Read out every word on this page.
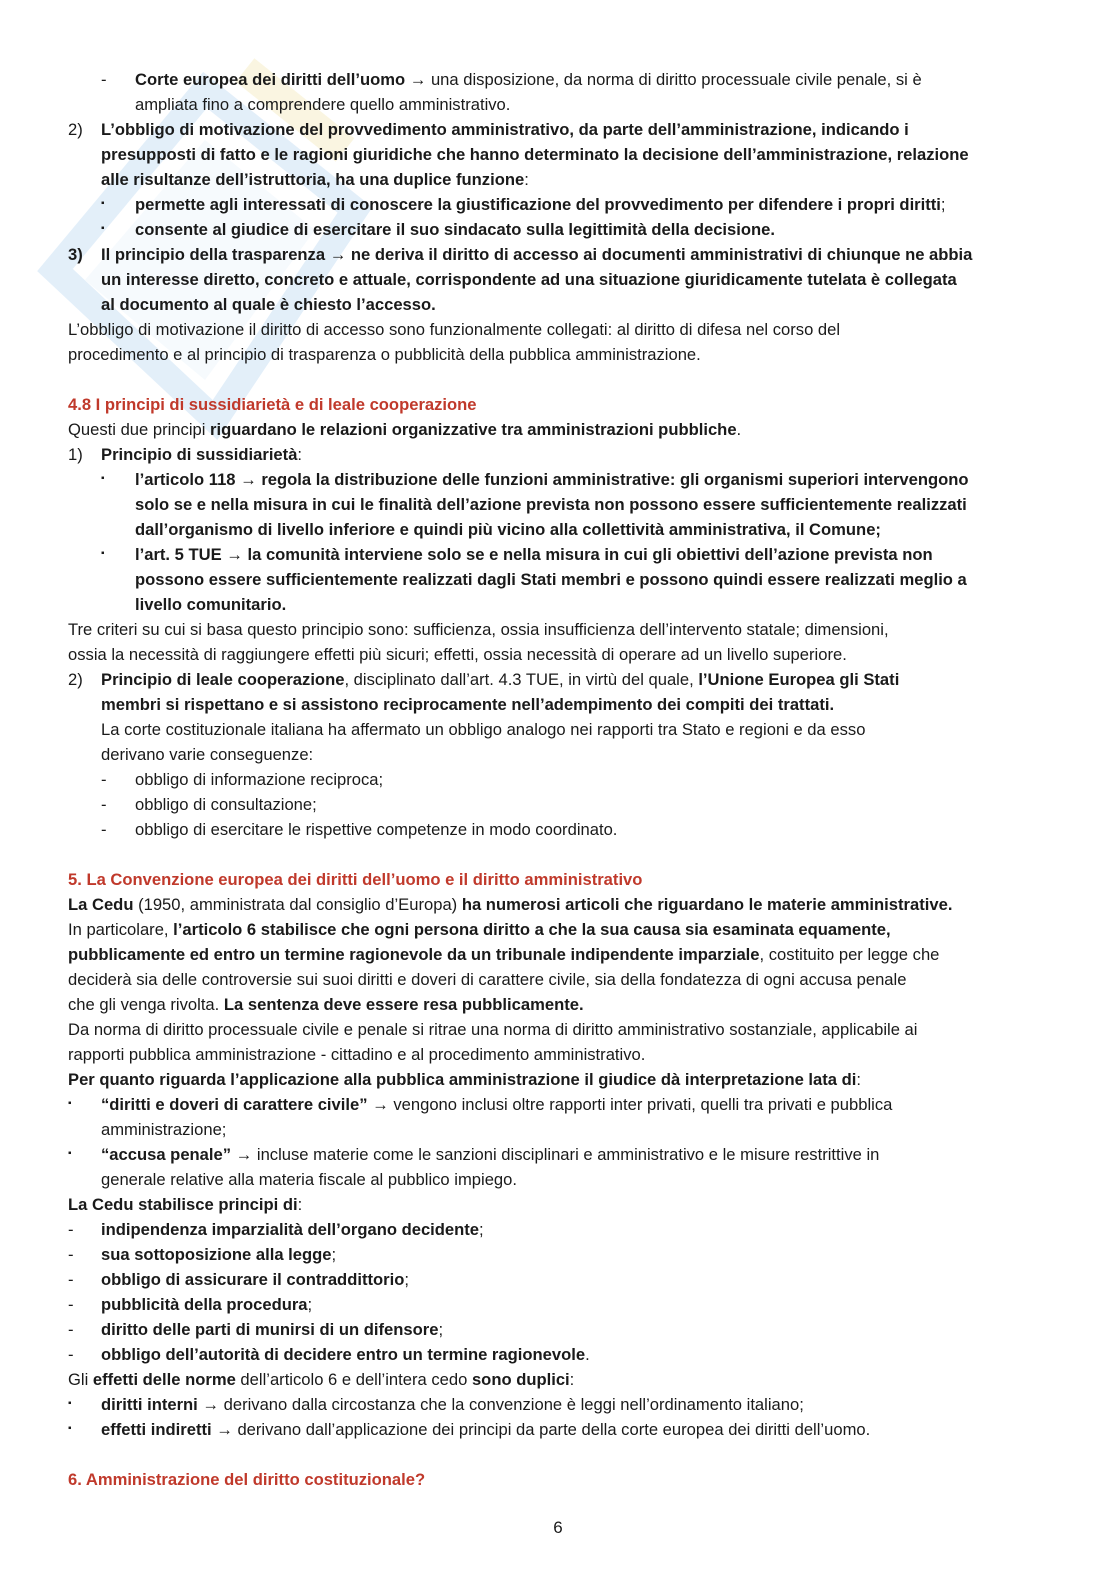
-	Corte europea dei diritti dell’uomo → una disposizione, da norma di diritto processuale civile penale, si è
ampliata fino a comprendere quello amministrativo.
2)	L’obbligo di motivazione del provvedimento amministrativo, da parte dell’amministrazione, indicando i
presupposti di fatto e le ragioni giuridiche che hanno determinato la decisione dell’amministrazione, relazione
alle risultanze dell’istruttoria, ha una duplice funzione:
▪	permette agli interessati di conoscere la giustificazione del provvedimento per difendere i propri diritti;
▪	consente al giudice di esercitare il suo sindacato sulla legittimità della decisione.
3)	Il principio della trasparenza → ne deriva il diritto di accesso ai documenti amministrativi di chiunque ne abbia
un interesse diretto, concreto e attuale, corrispondente ad una situazione giuridicamente tutelata è collegata
al documento al quale è chiesto l’accesso.
L’obbligo di motivazione il diritto di accesso sono funzionalmente collegati: al diritto di difesa nel corso del
procedimento e al principio di trasparenza o pubblicità della pubblica amministrazione.
4.8 I principi di sussidiarietà e di leale cooperazione
Questi due principi riguardano le relazioni organizzative tra amministrazioni pubbliche.
1)	Principio di sussidiarietà:
▪	l’articolo 118 → regola la distribuzione delle funzioni amministrative: gli organismi superiori intervengono
solo se e nella misura in cui le finalità dell’azione prevista non possono essere sufficientemente realizzati
dall’organismo di livello inferiore e quindi più vicino alla collettività amministrativa, il Comune;
▪	l’art. 5 TUE → la comunità interviene solo se e nella misura in cui gli obiettivi dell’azione prevista non
possono essere sufficientemente realizzati dagli Stati membri e possono quindi essere realizzati meglio a
livello comunitario.
Tre criteri su cui si basa questo principio sono: sufficienza, ossia insufficienza dell’intervento statale; dimensioni,
ossia la necessità di raggiungere effetti più sicuri; effetti, ossia necessità di operare ad un livello superiore.
2)	Principio di leale cooperazione, disciplinato dall’art. 4.3 TUE, in virtù del quale, l’Unione Europea gli Stati
membri si rispettano e si assistono reciprocamente nell’adempimento dei compiti dei trattati.
La corte costituzionale italiana ha affermato un obbligo analogo nei rapporti tra Stato e regioni e da esso
derivano varie conseguenze:
-	obbligo di informazione reciproca;
-	obbligo di consultazione;
-	obbligo di esercitare le rispettive competenze in modo coordinato.
5. La Convenzione europea dei diritti dell’uomo e il diritto amministrativo
La Cedu (1950, amministrata dal consiglio d’Europa) ha numerosi articoli che riguardano le materie amministrative.
In particolare, l’articolo 6 stabilisce che ogni persona diritto a che la sua causa sia esaminata equamente,
pubblicamente ed entro un termine ragionevole da un tribunale indipendente imparziale, costituito per legge che
deciderà sia delle controversie sui suoi diritti e doveri di carattere civile, sia della fondatezza di ogni accusa penale
che gli venga rivolta. La sentenza deve essere resa pubblicamente.
Da norma di diritto processuale civile e penale si ritrae una norma di diritto amministrativo sostanziale, applicabile ai
rapporti pubblica amministrazione - cittadino e al procedimento amministrativo.
Per quanto riguarda l’applicazione alla pubblica amministrazione il giudice dà interpretazione lata di:
▪	“diritti e doveri di carattere civile” → vengono inclusi oltre rapporti inter privati, quelli tra privati e pubblica
amministrazione;
▪	“accusa penale” → incluse materie come le sanzioni disciplinari e amministrativo e le misure restrittive in
generale relative alla materia fiscale al pubblico impiego.
La Cedu stabilisce principi di:
-	indipendenza imparzialità dell’organo decidente;
-	sua sottoposizione alla legge;
-	obbligo di assicurare il contraddittorio;
-	pubblicità della procedura;
-	diritto delle parti di munirsi di un difensore;
-	obbligo dell’autorità di decidere entro un termine ragionevole.
Gli effetti delle norme dell’articolo 6 e dell’intera cedo sono duplici:
▪	diritti interni → derivano dalla circostanza che la convenzione è leggi nell’ordinamento italiano;
▪	effetti indiretti → derivano dall’applicazione dei principi da parte della corte europea dei diritti dell’uomo.
6. Amministrazione del diritto costituzionale?
6
